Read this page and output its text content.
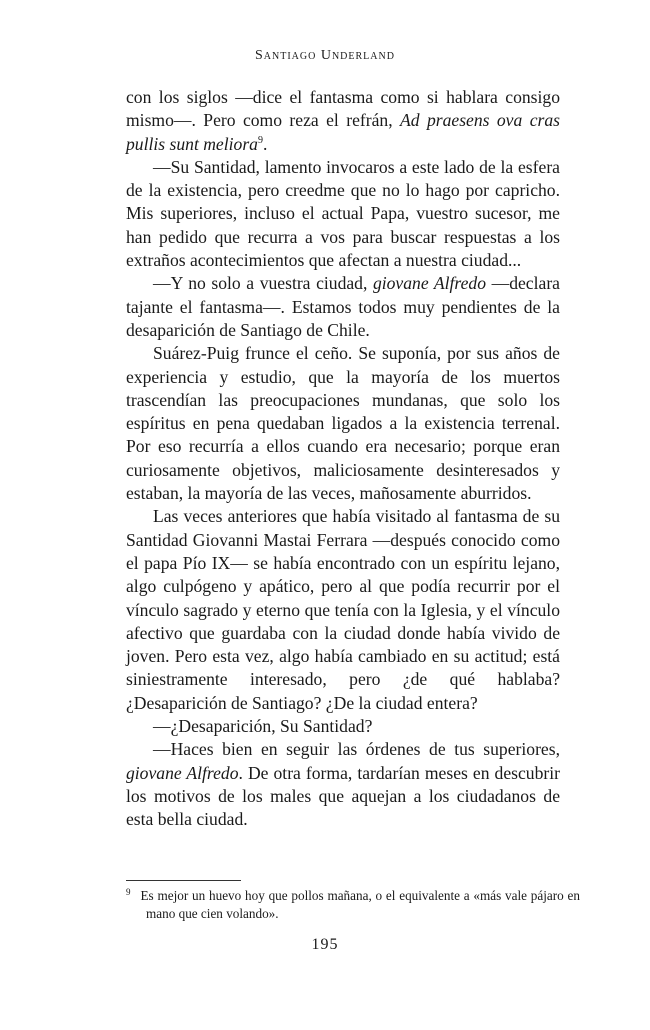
Santiago Underland

con los siglos —dice el fantasma como si hablara consigo mismo—. Pero como reza el refrán, Ad praesens ova cras pullis sunt meliora$^9$.

—Su Santidad, lamento invocaros a este lado de la esfera de la existencia, pero creedme que no lo hago por capricho. Mis superiores, incluso el actual Papa, vuestro sucesor, me han pedido que recurra a vos para buscar respuestas a los extraños acontecimientos que afectan a nuestra ciudad...

—Y no solo a vuestra ciudad, giovane Alfredo —declara tajante el fantasma—. Estamos todos muy pendientes de la desaparición de Santiago de Chile.

Suárez-Puig frunce el ceño. Se suponía, por sus años de experiencia y estudio, que la mayoría de los muertos trascendían las preocupaciones mundanas, que solo los espíritus en pena quedaban ligados a la existencia terrenal. Por eso recurría a ellos cuando era necesario; porque eran curiosamente objetivos, maliciosamente desinteresados y estaban, la mayoría de las veces, mañosamente aburridos.

Las veces anteriores que había visitado al fantasma de su Santidad Giovanni Mastai Ferrara —después conocido como el papa Pío IX— se había encontrado con un espíritu lejano, algo culpógeno y apático, pero al que podía recurrir por el vínculo sagrado y eterno que tenía con la Iglesia, y el vínculo afectivo que guardaba con la ciudad donde había vivido de joven. Pero esta vez, algo había cambiado en su actitud; está siniestramente interesado, pero ¿de qué hablaba? ¿Desaparición de Santiago? ¿De la ciudad entera?

—¿Desaparición, Su Santidad?

—Haces bien en seguir las órdenes de tus superiores, giovane Alfredo. De otra forma, tardarían meses en descubrir los motivos de los males que aquejan a los ciudadanos de esta bella ciudad.

$^9$ Es mejor un huevo hoy que pollos mañana, o el equivalente a «más vale pájaro en mano que cien volando».
195
